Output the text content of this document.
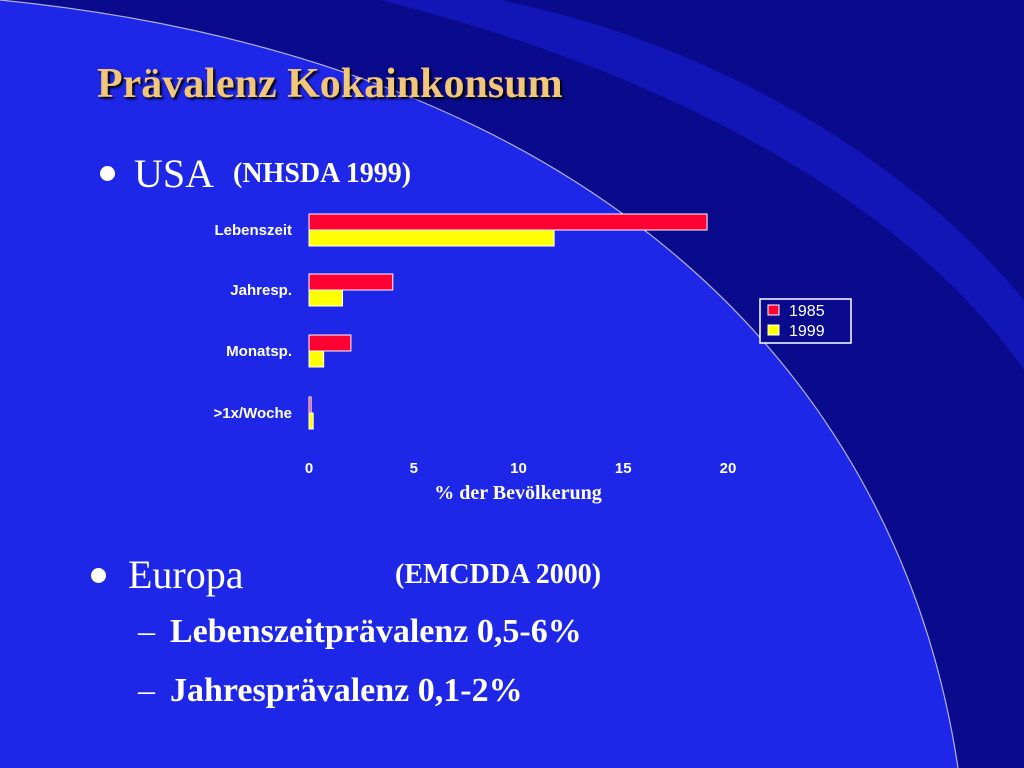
Prävalenz Kokainkonsum
USA (NHSDA 1999)
Lebenszeit
Jahresp.
Monatsp.
>1x/Woche
0	5	10	15	20
% der Bevölkerung
1985
1999
Europa	(EMCDDA 2000)
– Lebenszeitprävalenz 0,5-6%
– Jahresprävalenz 0,1-2%
